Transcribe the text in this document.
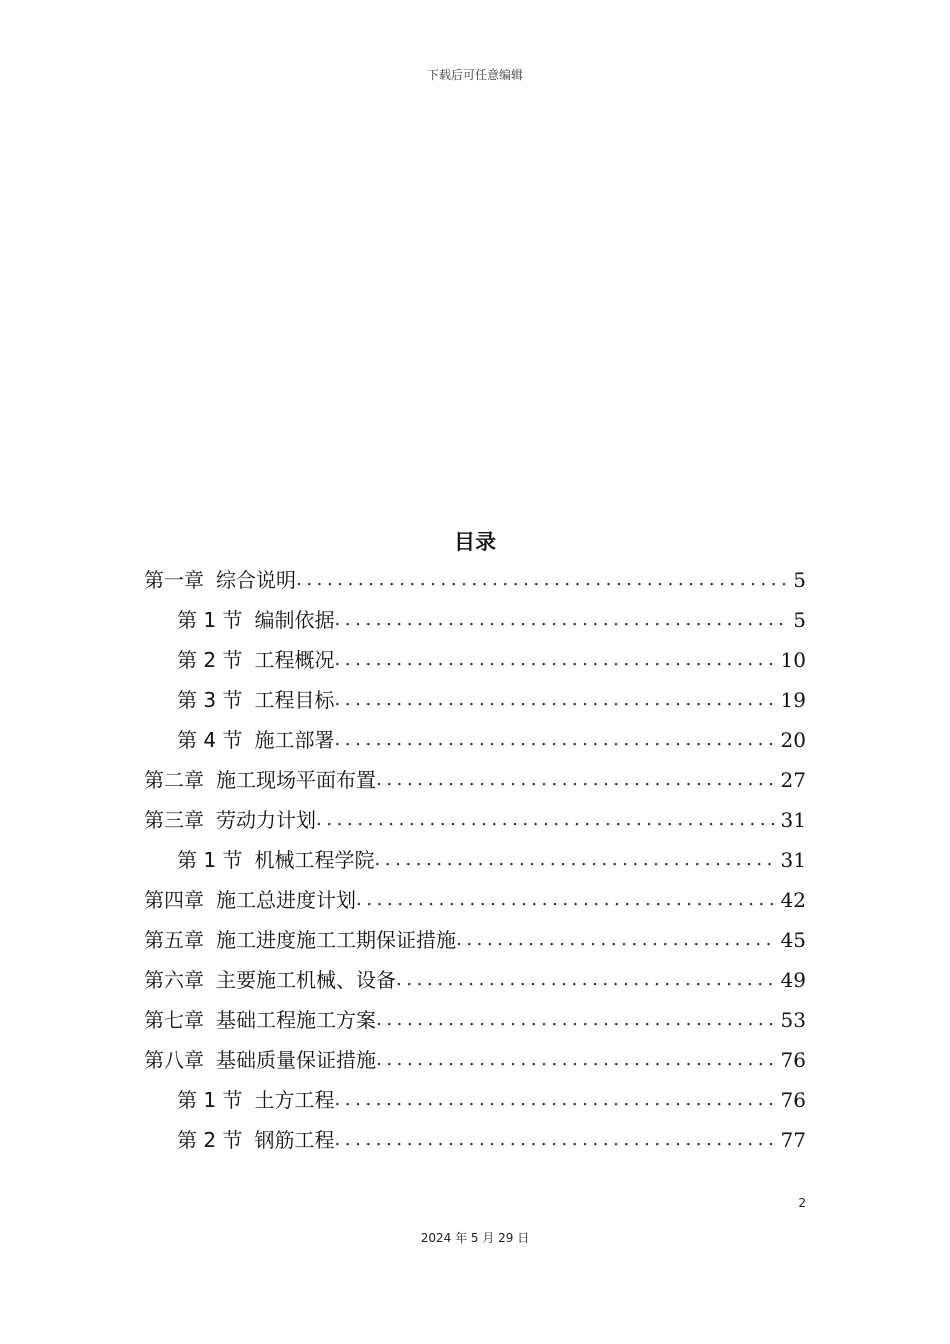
下载后可任意编辑
目录
第一章 综合说明 .....	5
第 1 节 编制依据 .....	5
第 2 节 工程概况 .....	10
第 3 节 工程目标 .....	19
第 4 节 施工部署 .....	20
第二章 施工现场平面布置 .....	27
第三章 劳动力计划 .....	31
第 1 节 机械工程学院 .....	31
第四章 施工总进度计划 .....	42
第五章 施工进度施工工期保证措施 .....	45
第六章 主要施工机械、设备 .....	49
第七章 基础工程施工方案 .....	53
第八章 基础质量保证措施 .....	76
第 1 节 土方工程 .....	76
第 2 节 钢筋工程 .....	77
2
2024 年 5 月 29 日
